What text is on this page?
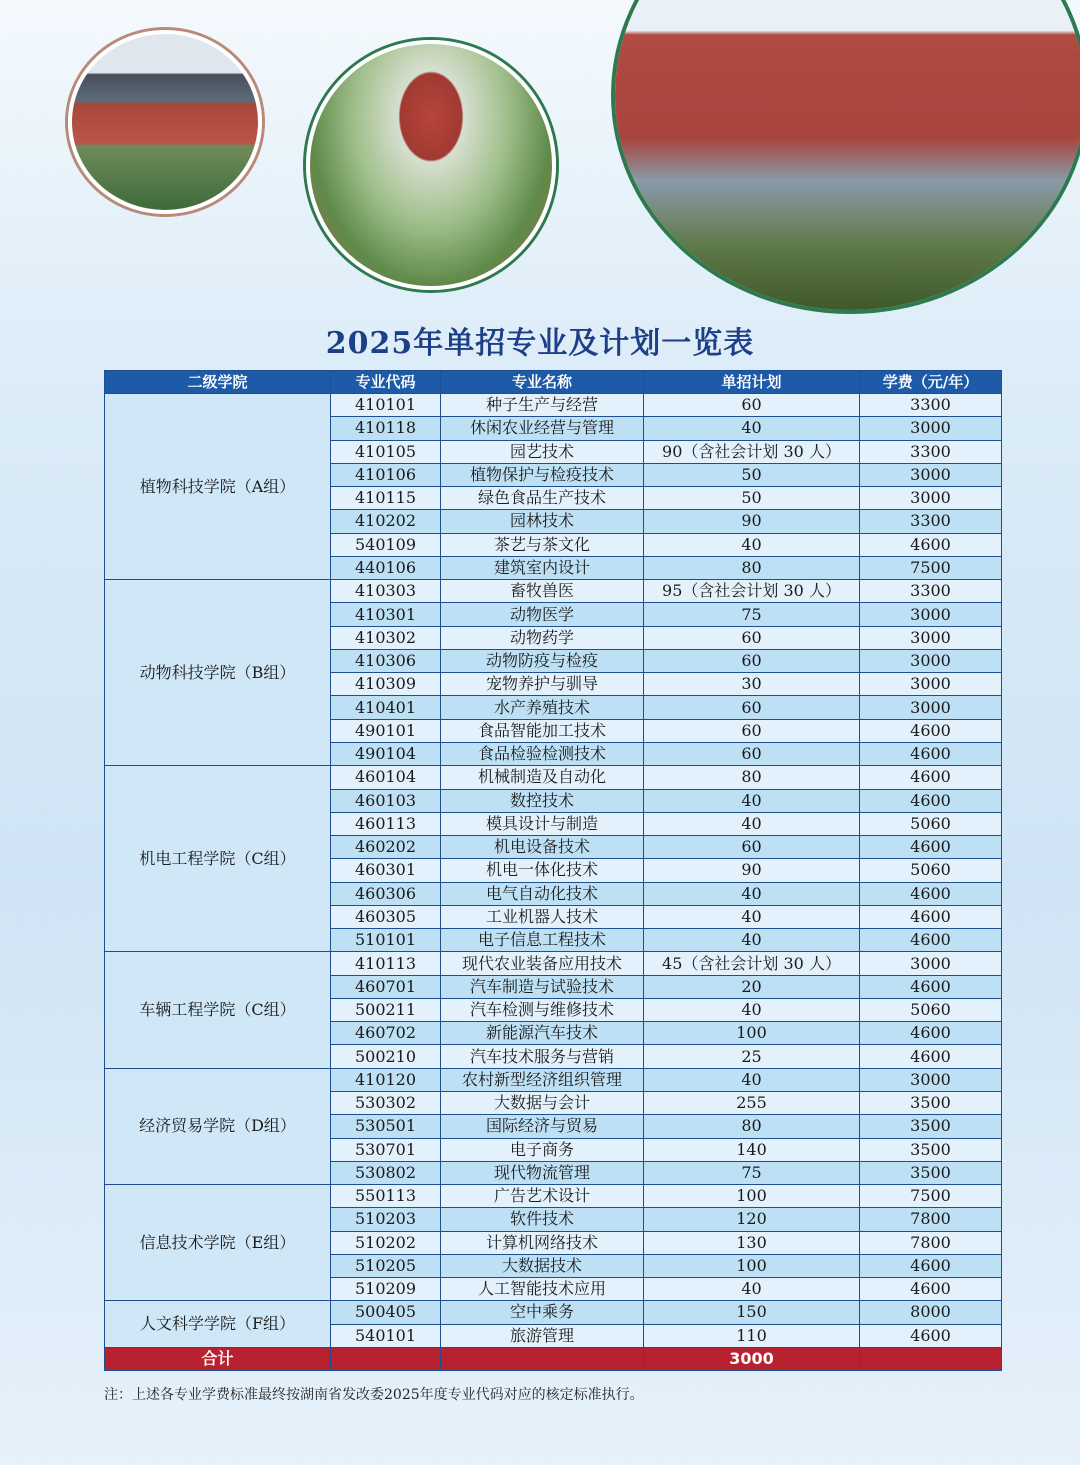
2025年单招专业及计划一览表
二级学院	专业代码	专业名称	单招计划	学费（元/年）
植物科技学院（A组）	410101	种子生产与经营	60	3300
	410118	休闲农业经营与管理	40	3000
	410105	园艺技术	90（含社会计划 30 人）	3300
	410106	植物保护与检疫技术	50	3000
	410115	绿色食品生产技术	50	3000
	410202	园林技术	90	3300
	540109	茶艺与茶文化	40	4600
	440106	建筑室内设计	80	7500
动物科技学院（B组）	410303	畜牧兽医	95（含社会计划 30 人）	3300
	410301	动物医学	75	3000
	410302	动物药学	60	3000
	410306	动物防疫与检疫	60	3000
	410309	宠物养护与驯导	30	3000
	410401	水产养殖技术	60	3000
	490101	食品智能加工技术	60	4600
	490104	食品检验检测技术	60	4600
机电工程学院（C组）	460104	机械制造及自动化	80	4600
	460103	数控技术	40	4600
	460113	模具设计与制造	40	5060
	460202	机电设备技术	60	4600
	460301	机电一体化技术	90	5060
	460306	电气自动化技术	40	4600
	460305	工业机器人技术	40	4600
	510101	电子信息工程技术	40	4600
车辆工程学院（C组）	410113	现代农业装备应用技术	45（含社会计划 30 人）	3000
	460701	汽车制造与试验技术	20	4600
	500211	汽车检测与维修技术	40	5060
	460702	新能源汽车技术	100	4600
	500210	汽车技术服务与营销	25	4600
经济贸易学院（D组）	410120	农村新型经济组织管理	40	3000
	530302	大数据与会计	255	3500
	530501	国际经济与贸易	80	3500
	530701	电子商务	140	3500
	530802	现代物流管理	75	3500
信息技术学院（E组）	550113	广告艺术设计	100	7500
	510203	软件技术	120	7800
	510202	计算机网络技术	130	7800
	510205	大数据技术	100	4600
	510209	人工智能技术应用	40	4600
人文科学学院（F组）	500405	空中乘务	150	8000
	540101	旅游管理	110	4600
合计			3000	
注：上述各专业学费标准最终按湖南省发改委2025年度专业代码对应的核定标准执行。
